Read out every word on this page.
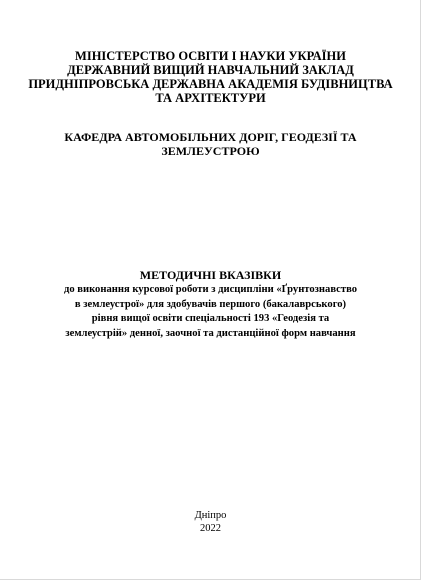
МІНІСТЕРСТВО ОСВІТИ І НАУКИ УКРАЇНИ
ДЕРЖАВНИЙ ВИЩИЙ НАВЧАЛЬНИЙ ЗАКЛАД
ПРИДНІПРОВСЬКА ДЕРЖАВНА АКАДЕМІЯ БУДІВНИЦТВА
ТА АРХІТЕКТУРИ
КАФЕДРА АВТОМОБІЛЬНИХ ДОРІГ, ГЕОДЕЗІЇ ТА
ЗЕМЛЕУСТРОЮ
МЕТОДИЧНІ ВКАЗІВКИ
до виконання курсової роботи з дисципліни «Ґрунтознавство
в землеустрої» для здобувачів першого (бакалаврського)
рівня вищої освіти спеціальності 193 «Геодезія та
землеустрій» денної, заочної та дистанційної форм навчання
Дніпро
2022
